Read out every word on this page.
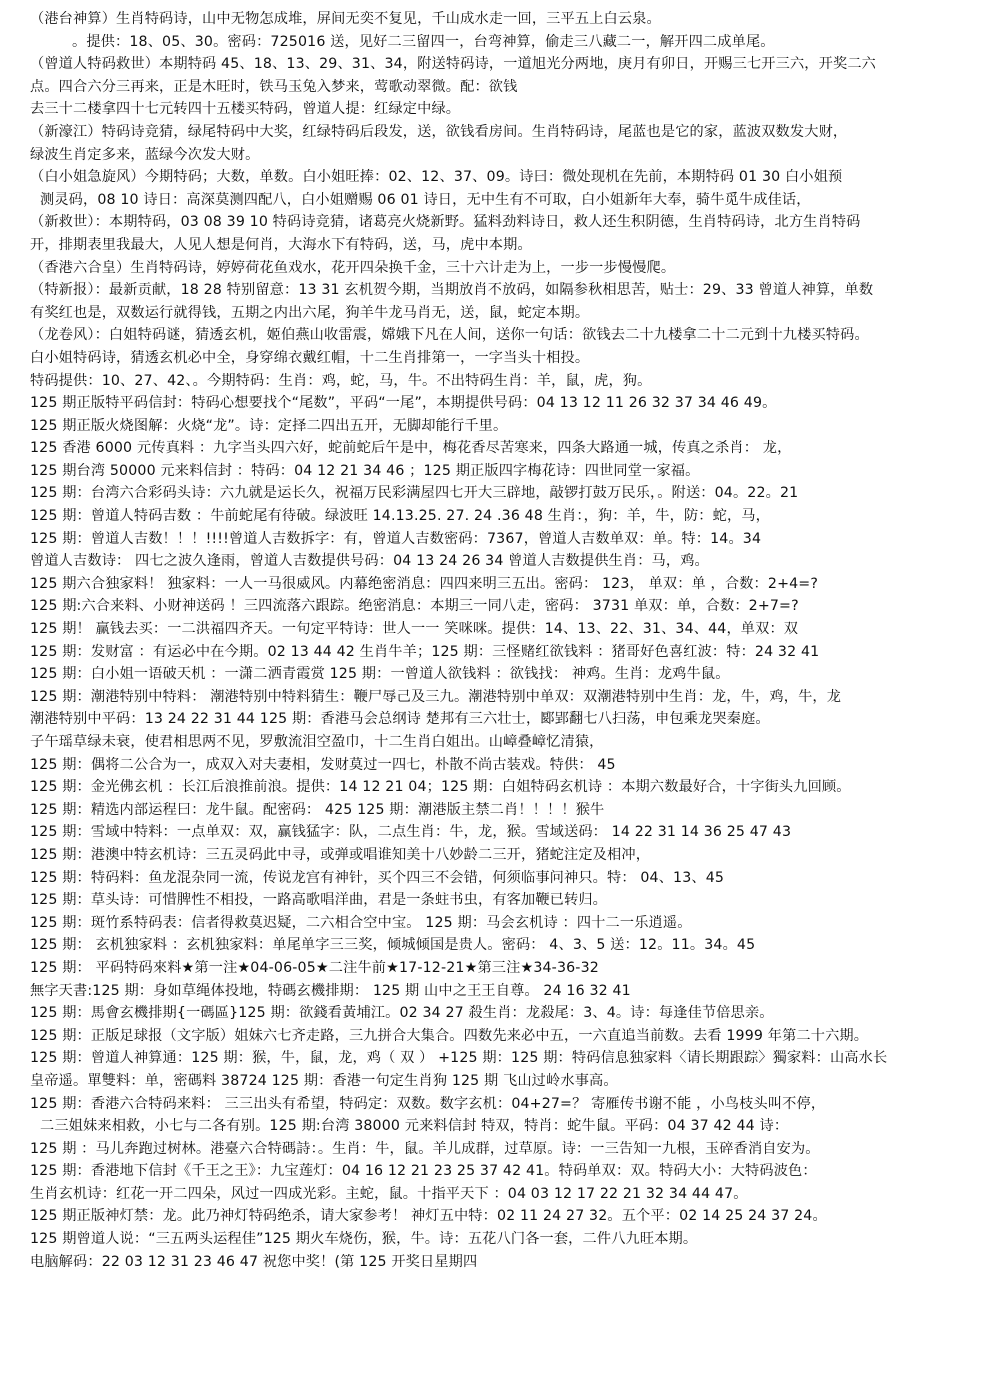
（港台神算）生肖特码诗，山中无物怎成堆，屏间无奕不复见，千山成水走一回，三平五上白云泉。
。提供：18、05、30。密码：725016 送，见好二三留四一，台弯神算，偷走三八藏二一，解开四二成单尾。
（曾道人特码救世）本期特码 45、18、13、29、31、34，附送特码诗，一道旭光分两地，庚月有卯日，开赐三七开三六，开奖二六
点。四合六分三再来，正是木旺时，铁马玉兔入梦来，莺歌动翠微。配：欲钱
去三十二楼拿四十七元转四十五楼买特码，曾道人提：红绿定中绿。
（新濠江）特码诗竞猜，绿尾特码中大奖，红绿特码后段发，送，欲钱看房间。生肖特码诗，尾蓝也是它的家，蓝波双数发大财，
绿波生肖定多来，蓝绿今次发大财。
（白小姐急旋风）今期特码；大数，单数。白小姐旺捧：02、12、37、09。诗曰：微处现机在先前，本期特码 01 30 白小姐预
测灵码，08 10 诗日：高深莫测四配八，白小姐赠赐 06 01 诗日，无中生有不可取，白小姐新年大奉，骑牛觅牛成佳话，
（新救世）：本期特码，03 08 39 10 特码诗竞猜，诸葛亮火烧新野。猛料劲料诗日，救人还生积阴德，生肖特码诗，北方生肖特码
开，排期表里我最大，人见人想是何肖，大海水下有特码，送，马，虎中本期。
（香港六合皇）生肖特码诗，婷婷荷花鱼戏水，花开四朵换千金，三十六计走为上，一步一步慢慢爬。
（特新报）：最新贡献，18 28 特别留意：13 31 玄机贺今期，当期放肖不放码，如隔参秋相思苦，贴士：29、33 曾道人神算，单数
有奖红也是，双数运行就得钱，五期之内出六尾，狗羊牛龙马肖无，送，鼠，蛇定本期。
（龙卷风）：白姐特码谜，猜透玄机，姬伯燕山收雷震，嫦娥下凡在人间，送你一句话：欲钱去二十九楼拿二十二元到十九楼买特码。
白小姐特码诗，猜透玄机必中全，身穿绵衣戴红帽，十二生肖排第一，一字当头十相投。
特码提供：10、27、42、。今期特码：生肖：鸡，蛇，马，牛。不出特码生肖：羊，鼠，虎，狗。
125 期正版特平码信封：特码心想要找个“尾数”，平码“一尾”，本期提供号码：04 13 12 11 26 32 37 34 46 49。
125 期正版火烧图解：火烧“龙”。诗：定择二四出五开，无脚却能行千里。
125 香港 6000 元传真料 ：九字当头四六好，蛇前蛇后午是中，梅花香尽苦寒来，四条大路通一城，传真之杀肖： 龙，
125 期台湾 50000 元来料信封 ：特码：04 12 21 34 46 ；125 期正版四字梅花诗：四世同堂一家福。
125 期：台湾六合彩码头诗：六九就是运长久，祝福万民彩满屋四七开大三辟地，敲锣打鼓万民乐，。附送：04。22。21
125 期：曾道人特码吉数 ：牛前蛇尾有待破。绿波旺 14.13.25. 27. 24 .36 48 生肖：，狗：羊，牛，防：蛇，马，
125 期：曾道人吉数！！！!!!!曾道人吉数拆字：有，曾道人吉数密码：7367，曾道人吉数单双：单。特：14。34
曾道人吉数诗： 四七之波久逢雨，曾道人吉数提供号码：04 13 24 26 34 曾道人吉数提供生肖：马，鸡。
125 期六合独家料！ 独家料：一人一马很威风。内幕绝密消息：四四来明三五出。密码： 123， 单双：单 ，合数：2+4=?
125 期:六合来料、小财神送码 ！三四流落六跟踪。绝密消息：本期三一同八走，密码： 3731 单双：单，合数：2+7=?
125 期！ 赢钱去买：一二洪福四齐天。一句定平特诗：世人一一 笑咪咪。提供：14、13、22、31、34、44，单双：双
125 期：发财富 ：有运必中在今期。02 13 44 42 生肖牛羊；125 期：三怪赌红欲钱料 ：猪哥好色喜红波：特：24 32 41
125 期：白小姐一语破天机 ：一潇二洒青霞赏 125 期：一曾道人欲钱料 ：欲钱找： 神鸡。生肖：龙鸡牛鼠。
125 期：潮港特别中特料： 潮港特别中特料猜生：鞭尸辱己及三九。潮港特别中单双：双潮港特别中生肖：龙，牛，鸡，牛，龙
潮港特别中平码：13 24 22 31 44 125 期：香港马会总纲诗 楚邦有三六壮士，郾郢翻七八扫荡，申包乘龙哭秦庭。
子午瑶草绿未衰，使君相思两不见，罗敷流泪空盈巾，十二生肖白姐出。山嶂叠嶂忆清猿，
125 期：偶将二公合为一，成双入对夫妻相，发财莫过一四七，朴散不尚古装戏。特供： 45
125 期：金光佛玄机 ：长江后浪推前浪。提供：14 12 21 04；125 期：白姐特码玄机诗 ：本期六数最好合，十字街头九回顾。
125 期：精选内部运程曰：龙牛鼠。配密码： 425 125 期：潮港版主禁二肖！！！！猴牛
125 期：雪域中特料：一点单双：双，赢钱猛字：队，二点生肖：牛，龙，猴。雪域送码： 14 22 31 14 36 25 47 43
125 期：港澳中特玄机诗：三五灵码此中寻，或弹或唱谁知美十八妙龄二三开，猪蛇注定及相冲，
125 期：特码料：鱼龙混杂同一流，传说龙宫有神针，买个四三不会错，何须临事问神只。特： 04、13、45
125 期：草头诗：可惜脾性不相投，一路高歌唱洋曲，君是一条蛀书虫，有客加鞭已转归。
125 期：斑竹系特码表：信者得救莫迟疑，二六相合空中宝。 125 期：马会玄机诗 ：四十二一乐逍遥。
125 期： 玄机独家料 ：玄机独家料：单尾单字三三奖，倾城倾国是贵人。密码： 4、3、5 送：12。11。34。45
125 期： 平码特码來料★第一注★04-06-05★二注牛前★17-12-21★第三注★34-36-32
無字天書:125 期：身如草绳体投地，特碼玄機排期： 125 期 山中之王王自尊。 24 16 32 41
125 期：馬會玄機排期{一碼區}125 期：欲錢看黃埔江。02 34 27 殺生肖：龙殺尾：3、4。诗：每逢佳节倍思亲。
125 期：正版足球报（文字版）姐妹六七齐走路，三九拼合大集合。四数先来必中五，一六直追当前数。去看 1999 年第二十六期。
125 期：曾道人神算通：125 期：猴，牛，鼠，龙，鸡（ 双 ） +125 期：125 期：特码信息独家料〈请长期跟踪〉獨家料：山高水长
皇帝遥。單雙料：单，密碼料 38724 125 期：香港一句定生肖狗 125 期 飞山过岭水事高。
125 期：香港六合特码来料： 三三出头有希望，特码定：双数。数字玄机：04+27=？ 寄雁传书谢不能 ，小鸟枝头叫不停，
二三姐妹来相救，小七与二各有别。125 期:台湾 38000 元来料信封 特双，特肖：蛇牛鼠。平码：04 37 42 44 诗：
125 期 ：马儿奔跑过树林。港臺六合特碼詩：。生肖：牛，鼠。羊儿成群，过草原。诗：一三告知一九根，玉碎香消自安为。
125 期：香港地下信封《千王之王》：九宝莲灯：04 16 12 21 23 25 37 42 41。特码单双：双。特码大小：大特码波色：
生肖玄机诗：红花一开二四朵，风过一四成光彩。主蛇，鼠。十指平天下 ：04 03 12 17 22 21 32 34 44 47。
125 期正版神灯禁：龙。此乃神灯特码绝杀，请大家参考！ 神灯五中特：02 11 24 27 32。五个平：02 14 25 24 37 24。
125 期曾道人说：“三五两头运程佳”125 期火车烧伤，猴，牛。诗：五花八门各一套，二件八九旺本期。
电脑解码：22 03 12 31 23 46 47 祝您中奖！(第 125 开奖日星期四
